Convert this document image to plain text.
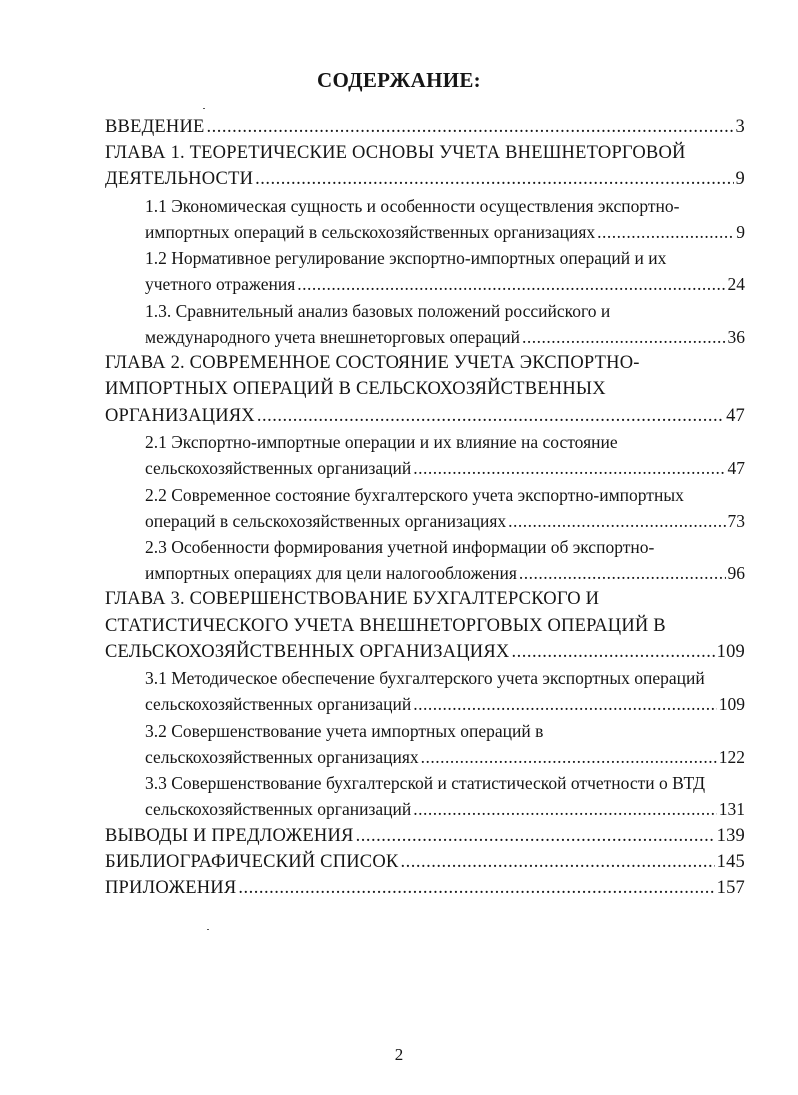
СОДЕРЖАНИЕ:
ВВЕДЕНИЕ .....	3
ГЛАВА 1. ТЕОРЕТИЧЕСКИЕ ОСНОВЫ УЧЕТА ВНЕШНЕТОРГОВОЙ
ДЕЯТЕЛЬНОСТИ .....	9
1.1 Экономическая сущность и особенности осуществления экспортно-
импортных операций в сельскохозяйственных организациях .....	9
1.2 Нормативное регулирование экспортно-импортных операций и их
учетного отражения .....	24
1.3. Сравнительный анализ базовых положений российского и
международного учета внешнеторговых операций .....	36
ГЛАВА 2. СОВРЕМЕННОЕ СОСТОЯНИЕ УЧЕТА ЭКСПОРТНО-
ИМПОРТНЫХ ОПЕРАЦИЙ В СЕЛЬСКОХОЗЯЙСТВЕННЫХ
ОРГАНИЗАЦИЯХ .....	47
2.1 Экспортно-импортные операции и их влияние на состояние
сельскохозяйственных организаций .....	47
2.2 Современное состояние бухгалтерского учета экспортно-импортных
операций в сельскохозяйственных организациях .....	73
2.3 Особенности формирования учетной информации об экспортно-
импортных операциях для цели налогообложения .....	96
ГЛАВА 3. СОВЕРШЕНСТВОВАНИЕ БУХГАЛТЕРСКОГО И
СТАТИСТИЧЕСКОГО УЧЕТА ВНЕШНЕТОРГОВЫХ ОПЕРАЦИЙ В
СЕЛЬСКОХОЗЯЙСТВЕННЫХ ОРГАНИЗАЦИЯХ .....	109
3.1 Методическое обеспечение бухгалтерского учета экспортных операций
сельскохозяйственных организаций .....	109
3.2 Совершенствование учета импортных операций в
сельскохозяйственных организациях .....	122
3.3 Совершенствование бухгалтерской и статистической отчетности о ВТД
сельскохозяйственных организаций .....	131
ВЫВОДЫ И ПРЕДЛОЖЕНИЯ .....	139
БИБЛИОГРАФИЧЕСКИЙ СПИСОК .....	145
ПРИЛОЖЕНИЯ .....	157
2
